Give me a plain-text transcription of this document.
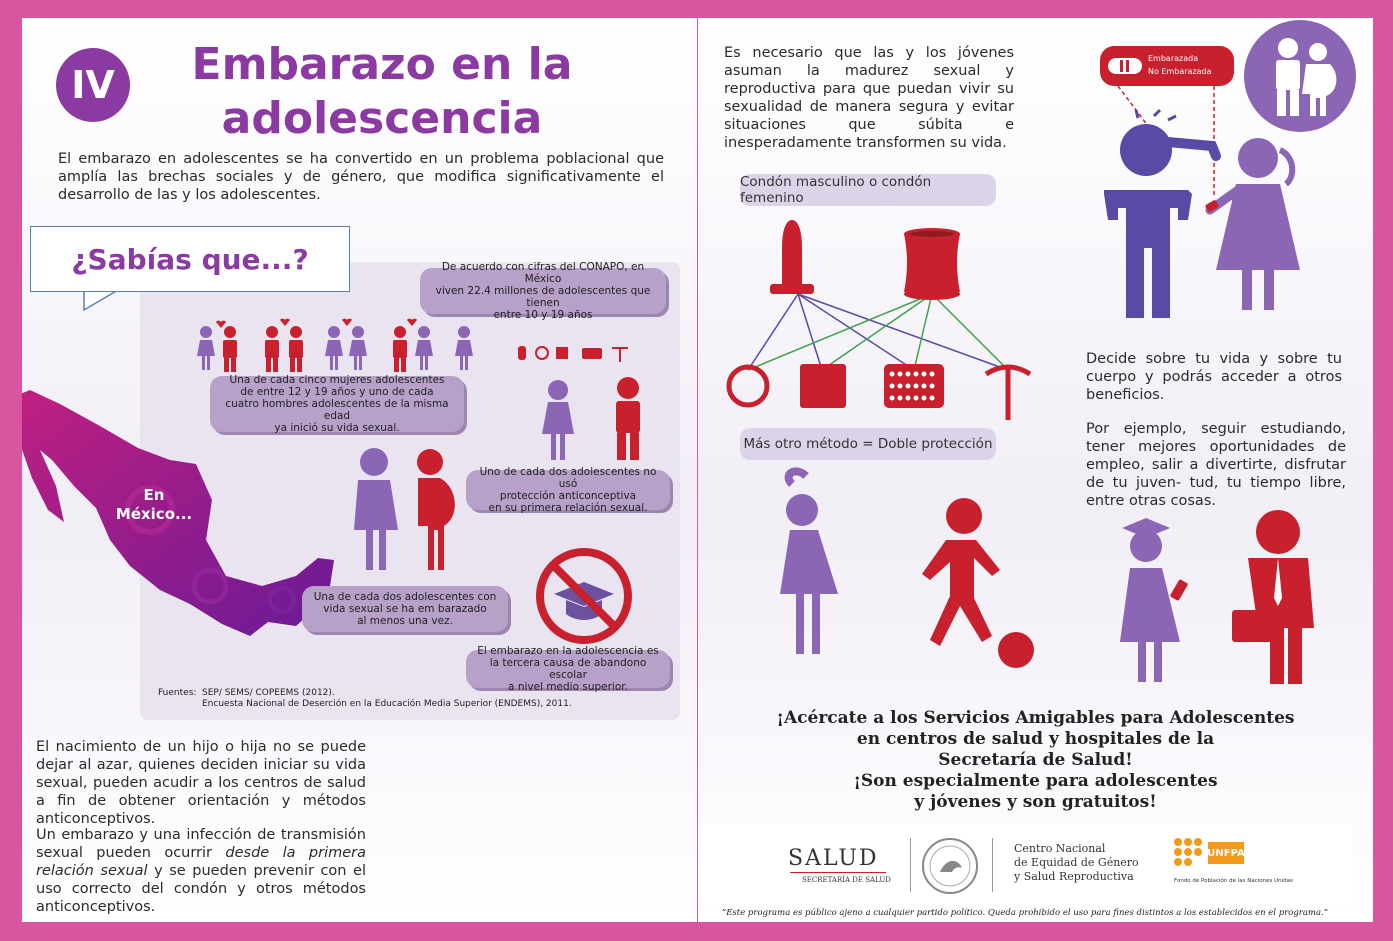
IV	Embarazo en la
adolescencia

El embarazo en adolescentes se ha convertido en un problema poblacional que amplía las brechas sociales y de género, que modifica significativamente el desarrollo de las y los adolescentes.

¿Sabías que...?
En
México...
De acuerdo con cifras del CONAPO, en México
viven 22.4 millones de adolescentes que tienen
entre 10 y 19 años
Una de cada cinco mujeres adolescentes
de entre 12 y 19 años y uno de cada
cuatro hombres adolescentes de la misma edad
ya inició su vida sexual.
Uno de cada dos adolescentes no usó
protección anticonceptiva
en su primera relación sexual.
Una de cada dos adolescentes con
vida sexual se ha em barazado
al menos una vez.
El embarazo en la adolescencia es
la tercera causa de abandono escolar
a nivel medio superior.
Fuentes: SEP/ SEMS/ COPEEMS (2012).
Encuesta Nacional de Deserción en la Educación Media Superior (ENDEMS), 2011.

El nacimiento de un hijo o hija no se puede dejar al azar, quienes deciden iniciar su vida sexual, pueden acudir a los centros de salud a fin de obtener orientación y métodos anticonceptivos.

Un embarazo y una infección de transmisión sexual pueden ocurrir desde la primera relación sexual y se pueden prevenir con el uso correcto del condón y otros métodos anticonceptivos.

Es necesario que las y los jóvenes asuman la madurez sexual y reproductiva para que puedan vivir su sexualidad de manera segura y evitar situaciones que súbita e inesperadamente transformen su vida.

Embarazada
No Embarazada
Condón masculino o condón femenino
Más otro método = Doble protección

Decide sobre tu vida y sobre tu cuerpo y podrás acceder a otros beneficios.

Por ejemplo, seguir estudiando, tener mejores oportunidades de empleo, salir a divertirte, disfrutar de tu juven- tud, tu tiempo libre, entre otras cosas.

¡Acércate a los Servicios Amigables para Adolescentes
en centros de salud y hospitales de la
Secretaría de Salud!
¡Son especialmente para adolescentes
y jóvenes y son gratuitos!
SALUD
SECRETARÍA DE SALUD
Centro Nacional
de Equidad de Género
y Salud Reproductiva
UNFPA
Fondo de Población de las Naciones Unidas
“Este programa es público ajeno a cualquier partido político. Queda prohibido el uso para fines distintos a los establecidos en el programa.”
